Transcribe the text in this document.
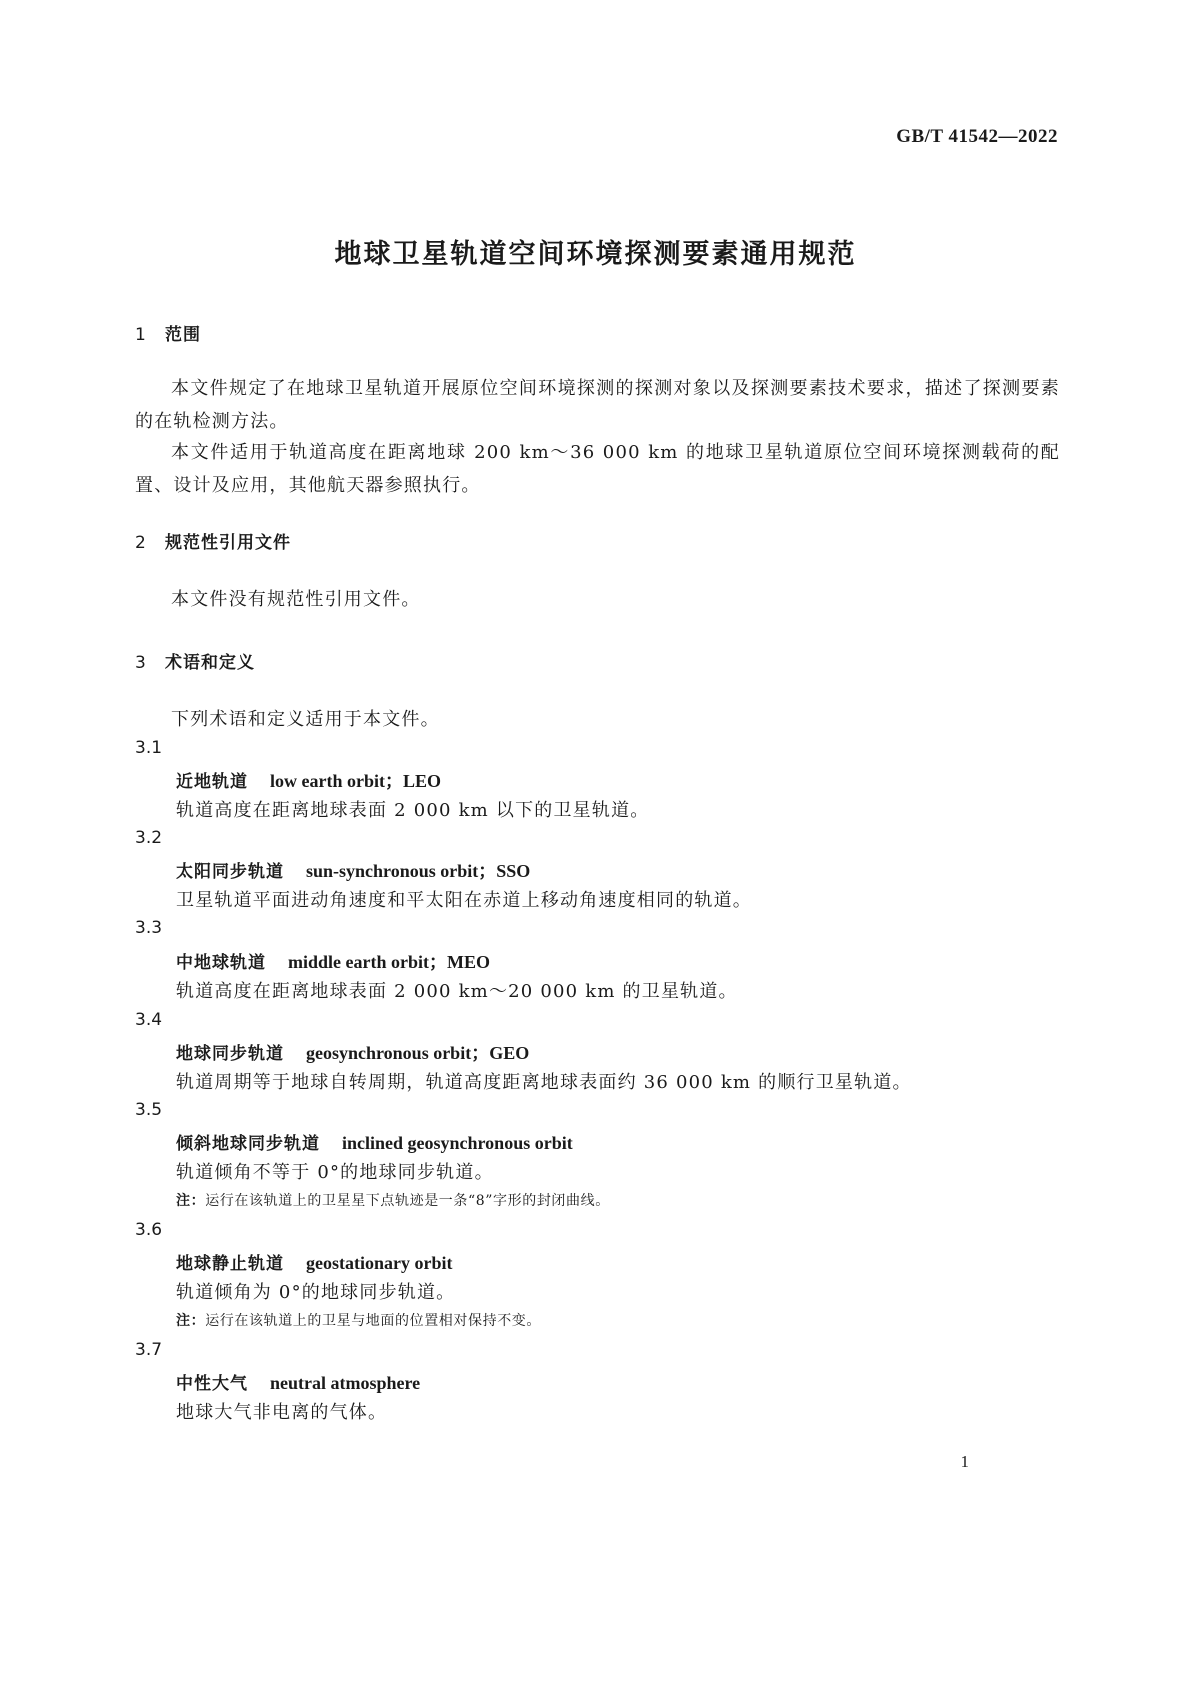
GB/T 41542—2022
地球卫星轨道空间环境探测要素通用规范
1 范围
本文件规定了在地球卫星轨道开展原位空间环境探测的探测对象以及探测要素技术要求，描述了探测要素的在轨检测方法。
本文件适用于轨道高度在距离地球 200 km～36 000 km 的地球卫星轨道原位空间环境探测载荷的配置、设计及应用，其他航天器参照执行。
2 规范性引用文件
本文件没有规范性引用文件。
3 术语和定义
下列术语和定义适用于本文件。
3.1
近地轨道 low earth orbit；LEO
轨道高度在距离地球表面 2 000 km 以下的卫星轨道。
3.2
太阳同步轨道 sun-synchronous orbit；SSO
卫星轨道平面进动角速度和平太阳在赤道上移动角速度相同的轨道。
3.3
中地球轨道 middle earth orbit；MEO
轨道高度在距离地球表面 2 000 km～20 000 km 的卫星轨道。
3.4
地球同步轨道 geosynchronous orbit；GEO
轨道周期等于地球自转周期，轨道高度距离地球表面约 36 000 km 的顺行卫星轨道。
3.5
倾斜地球同步轨道 inclined geosynchronous orbit
轨道倾角不等于 0°的地球同步轨道。
注：运行在该轨道上的卫星星下点轨迹是一条“8”字形的封闭曲线。
3.6
地球静止轨道 geostationary orbit
轨道倾角为 0°的地球同步轨道。
注：运行在该轨道上的卫星与地面的位置相对保持不变。
3.7
中性大气 neutral atmosphere
地球大气非电离的气体。
1
